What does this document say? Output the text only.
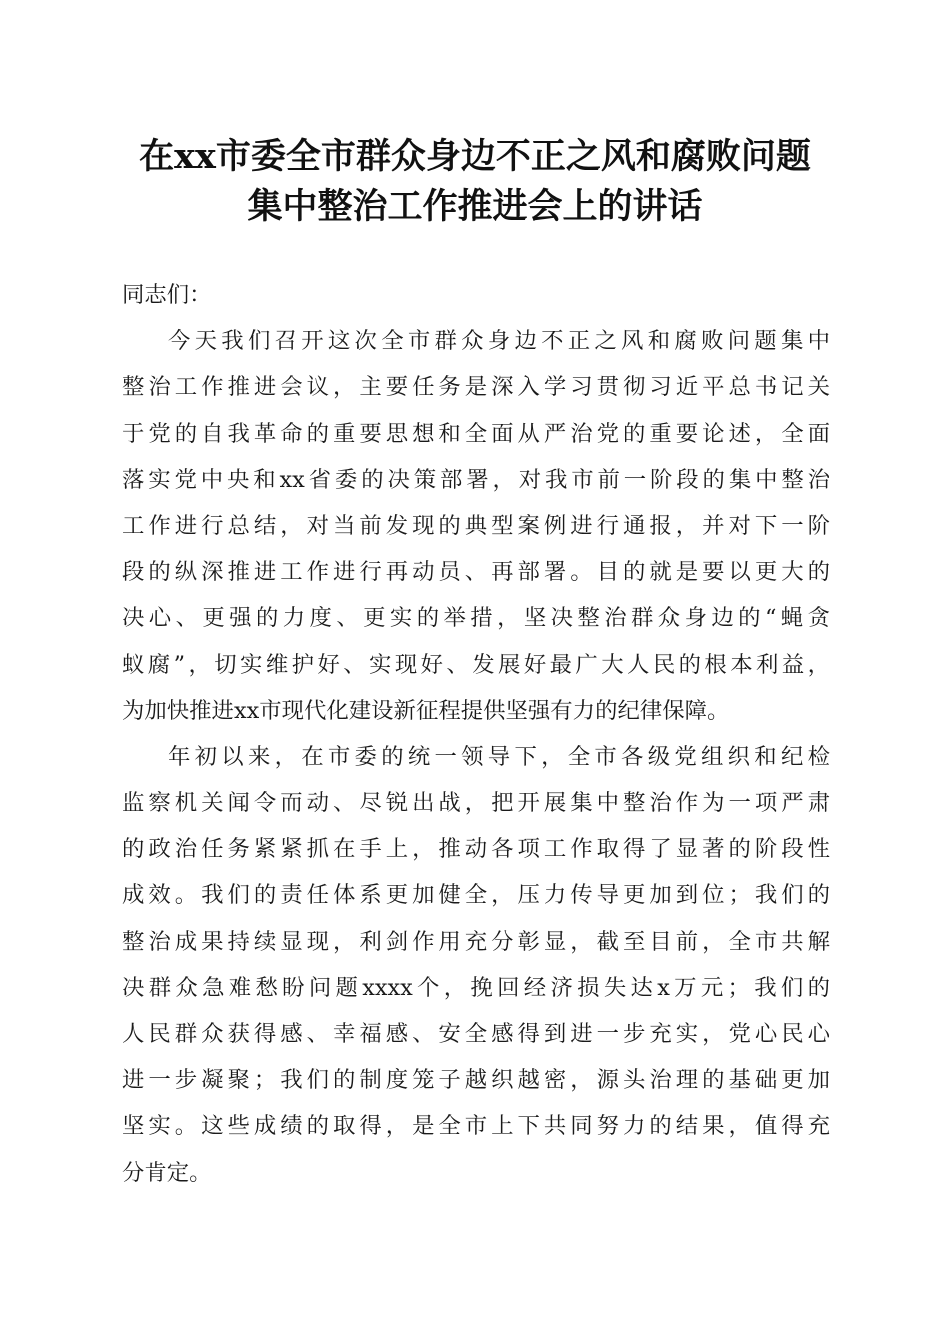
在xx市委全市群众身边不正之风和腐败问题
集中整治工作推进会上的讲话

同志们：

今天我们召开这次全市群众身边不正之风和腐败问题集中
整治工作推进会议，主要任务是深入学习贯彻习近平总书记关
于党的自我革命的重要思想和全面从严治党的重要论述，全面
落实党中央和xx省委的决策部署，对我市前一阶段的集中整治
工作进行总结，对当前发现的典型案例进行通报，并对下一阶
段的纵深推进工作进行再动员、再部署。目的就是要以更大的
决心、更强的力度、更实的举措，坚决整治群众身边的“蝇贪
蚁腐”，切实维护好、实现好、发展好最广大人民的根本利益，
为加快推进xx市现代化建设新征程提供坚强有力的纪律保障。

年初以来，在市委的统一领导下，全市各级党组织和纪检
监察机关闻令而动、尽锐出战，把开展集中整治作为一项严肃
的政治任务紧紧抓在手上，推动各项工作取得了显著的阶段性
成效。我们的责任体系更加健全，压力传导更加到位；我们的
整治成果持续显现，利剑作用充分彰显，截至目前，全市共解
决群众急难愁盼问题xxxx个，挽回经济损失达x万元；我们的
人民群众获得感、幸福感、安全感得到进一步充实，党心民心
进一步凝聚；我们的制度笼子越织越密，源头治理的基础更加
坚实。这些成绩的取得，是全市上下共同努力的结果，值得充
分肯定。
